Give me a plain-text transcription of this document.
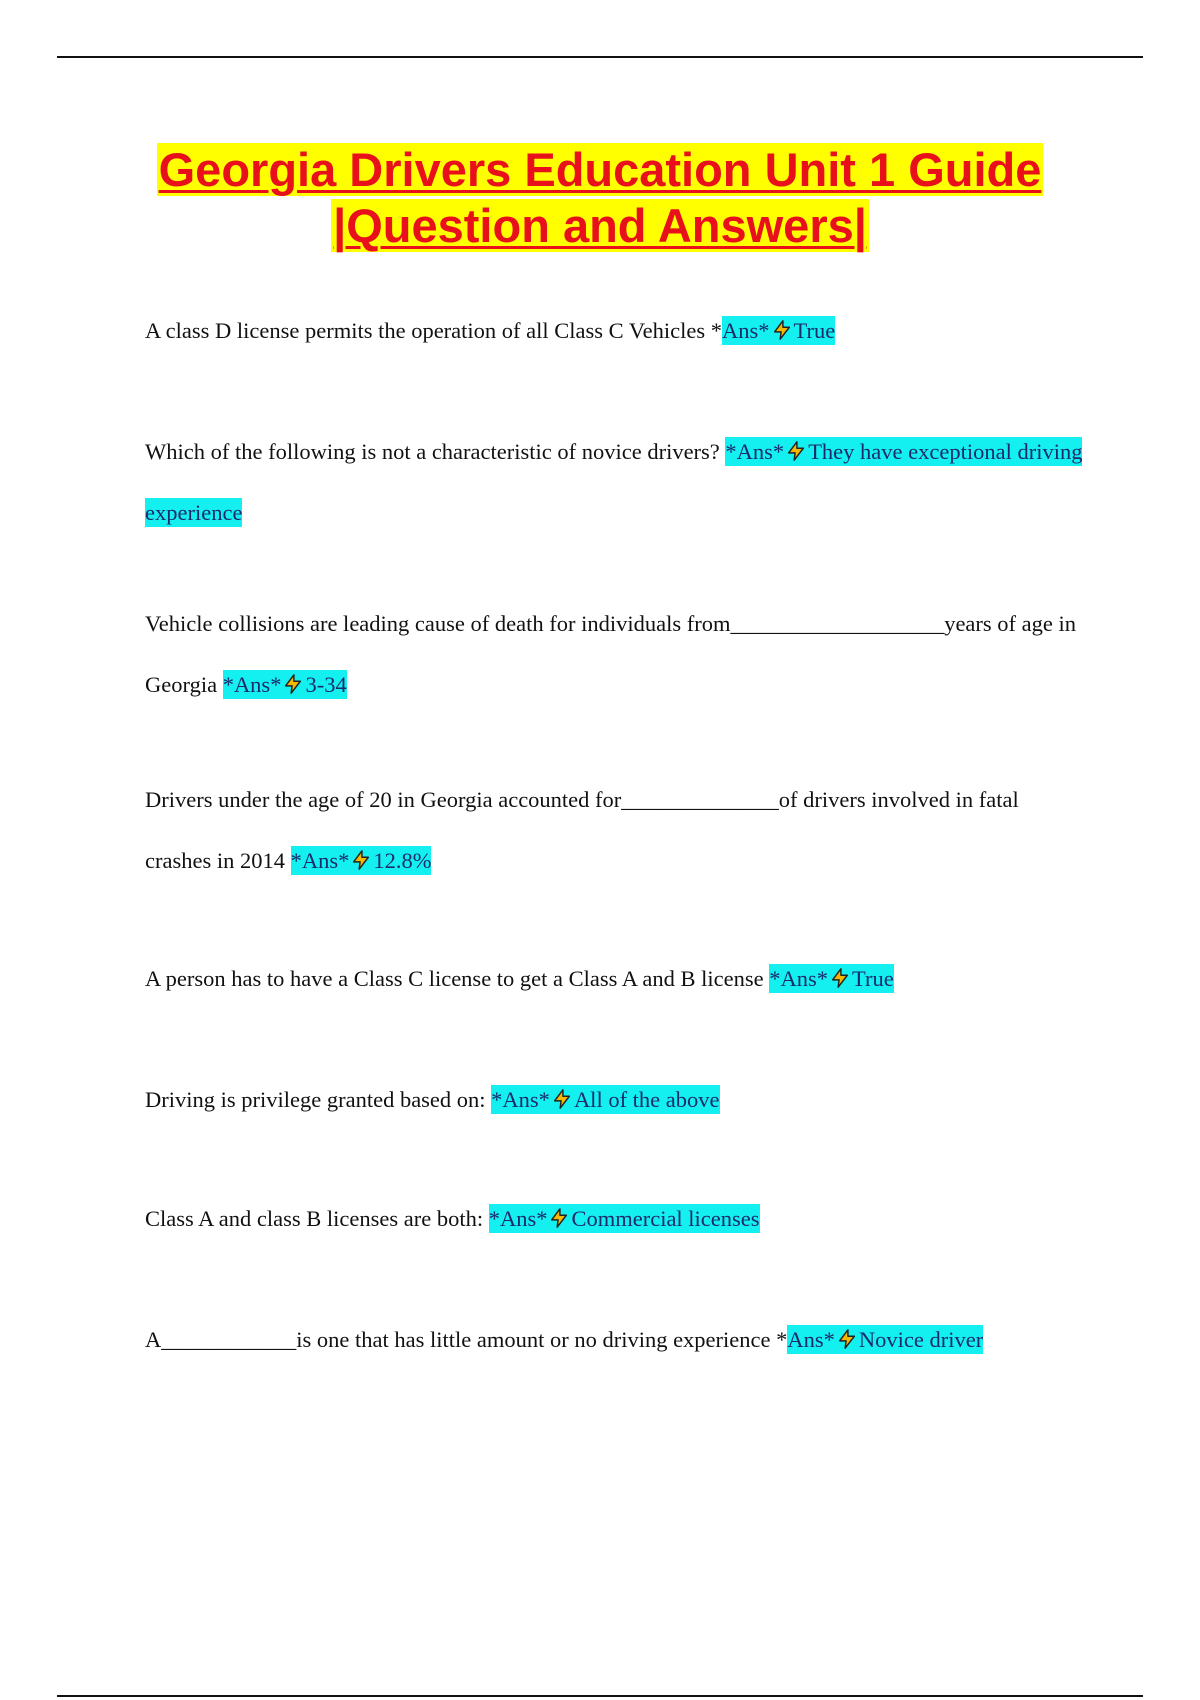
Georgia Drivers Education Unit 1 Guide
|Question and Answers|

A class D license permits the operation of all Class C Vehicles *Ans* True

Which of the following is not a characteristic of novice drivers? *Ans* They have exceptional driving experience

Vehicle collisions are leading cause of death for individuals from___________________years of age in Georgia *Ans* 3-34

Drivers under the age of 20 in Georgia accounted for______________of drivers involved in fatal crashes in 2014 *Ans* 12.8%

A person has to have a Class C license to get a Class A and B license *Ans* True

Driving is privilege granted based on: *Ans* All of the above

Class A and class B licenses are both: *Ans* Commercial licenses

A____________is one that has little amount or no driving experience *Ans* Novice driver
